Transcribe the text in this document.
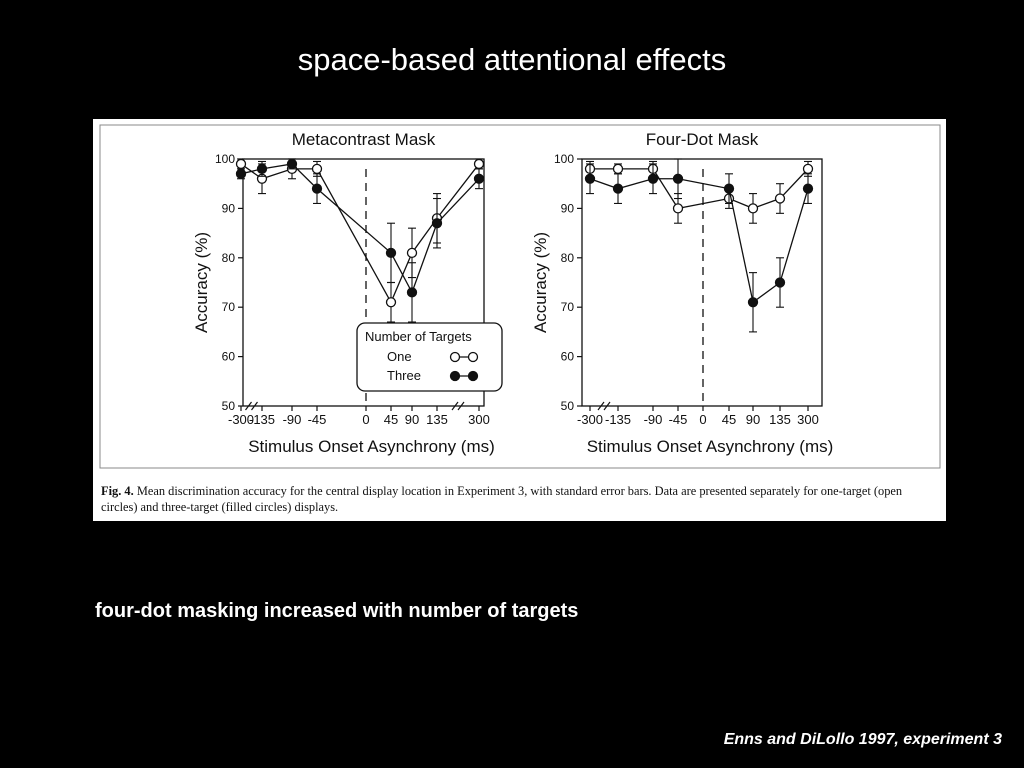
space-based attentional effects
Metacontrast Mask
100
90
80
70
60
50
-300
-135 -90 -45	0 45 90 135 300
Stimulus Onset Asynchrony (ms)
Accuracy (%)
Number of Targets
One
Three
Four-Dot Mask
100
90
80
70
60
50
-300 -135 -90 -45 0 45 90 135 300
Stimulus Onset Asynchrony (ms)
Accuracy (%)
Fig. 4. Mean discrimination accuracy for the central display location in Experiment 3, with standard error bars. Data are presented separately for one-target (open circles) and three-target (filled circles) displays.
four-dot masking increased with number of targets
Enns and DiLollo 1997, experiment 3
